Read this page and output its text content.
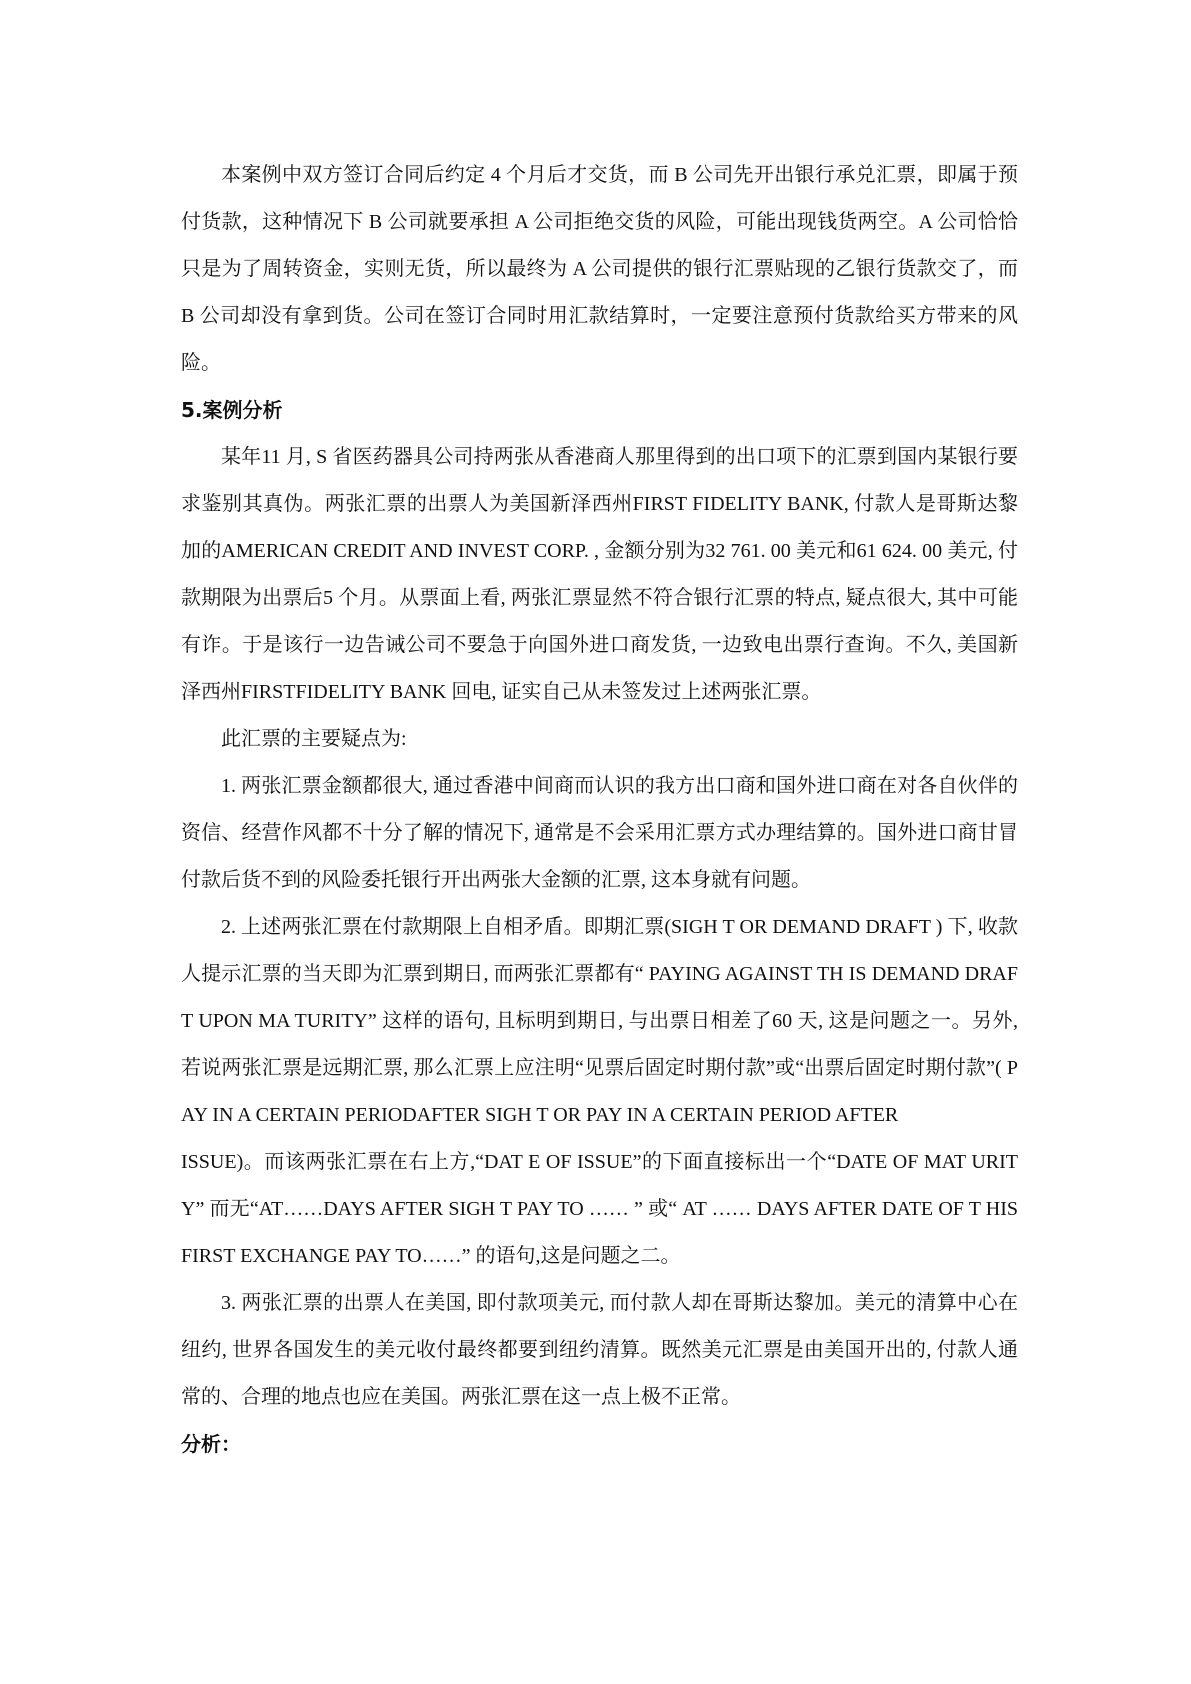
本案例中双方签订合同后约定 4 个月后才交货，而 B 公司先开出银行承兑汇票，即属于预付货款，这种情况下 B 公司就要承担 A 公司拒绝交货的风险，可能出现钱货两空。A 公司恰恰只是为了周转资金，实则无货，所以最终为 A 公司提供的银行汇票贴现的乙银行货款交了，而 B 公司却没有拿到货。公司在签订合同时用汇款结算时，一定要注意预付货款给买方带来的风险。

5.案例分析

某年11 月, S 省医药器具公司持两张从香港商人那里得到的出口项下的汇票到国内某银行要求鉴别其真伪。两张汇票的出票人为美国新泽西州FIRST FIDELITY BANK, 付款人是哥斯达黎加的AMERICAN CREDIT AND INVEST CORP. , 金额分别为32 761. 00 美元和61 624. 00 美元, 付款期限为出票后5 个月。从票面上看, 两张汇票显然不符合银行汇票的特点, 疑点很大, 其中可能有诈。于是该行一边告诫公司不要急于向国外进口商发货, 一边致电出票行查询。不久, 美国新泽西州FIRSTFIDELITY BANK 回电, 证实自己从未签发过上述两张汇票。

此汇票的主要疑点为:

1. 两张汇票金额都很大, 通过香港中间商而认识的我方出口商和国外进口商在对各自伙伴的资信、经营作风都不十分了解的情况下, 通常是不会采用汇票方式办理结算的。国外进口商甘冒付款后货不到的风险委托银行开出两张大金额的汇票, 这本身就有问题。

2. 上述两张汇票在付款期限上自相矛盾。即期汇票(SIGH T OR DEMAND DRAFT ) 下, 收款人提示汇票的当天即为汇票到期日, 而两张汇票都有“ PAYING AGAINST TH IS DEMAND DRAFT UPON MA TURITY” 这样的语句, 且标明到期日, 与出票日相差了60 天, 这是问题之一。另外, 若说两张汇票是远期汇票, 那么汇票上应注明“见票后固定时期付款”或“出票后固定时期付款”( PAY IN A CERTAIN PERIODAFTER SIGH T OR PAY IN A CERTAIN PERIOD AFTER

ISSUE)。而该两张汇票在右上方,“DAT E OF ISSUE”的下面直接标出一个“DATE OF MAT URITY” 而无“AT……DAYS AFTER SIGH T PAY TO …… ” 或“ AT …… DAYS AFTER DATE OF T HIS FIRST EXCHANGE PAY TO……” 的语句,这是问题之二。

3. 两张汇票的出票人在美国, 即付款项美元, 而付款人却在哥斯达黎加。美元的清算中心在纽约, 世界各国发生的美元收付最终都要到纽约清算。既然美元汇票是由美国开出的, 付款人通常的、合理的地点也应在美国。两张汇票在这一点上极不正常。

分析：
